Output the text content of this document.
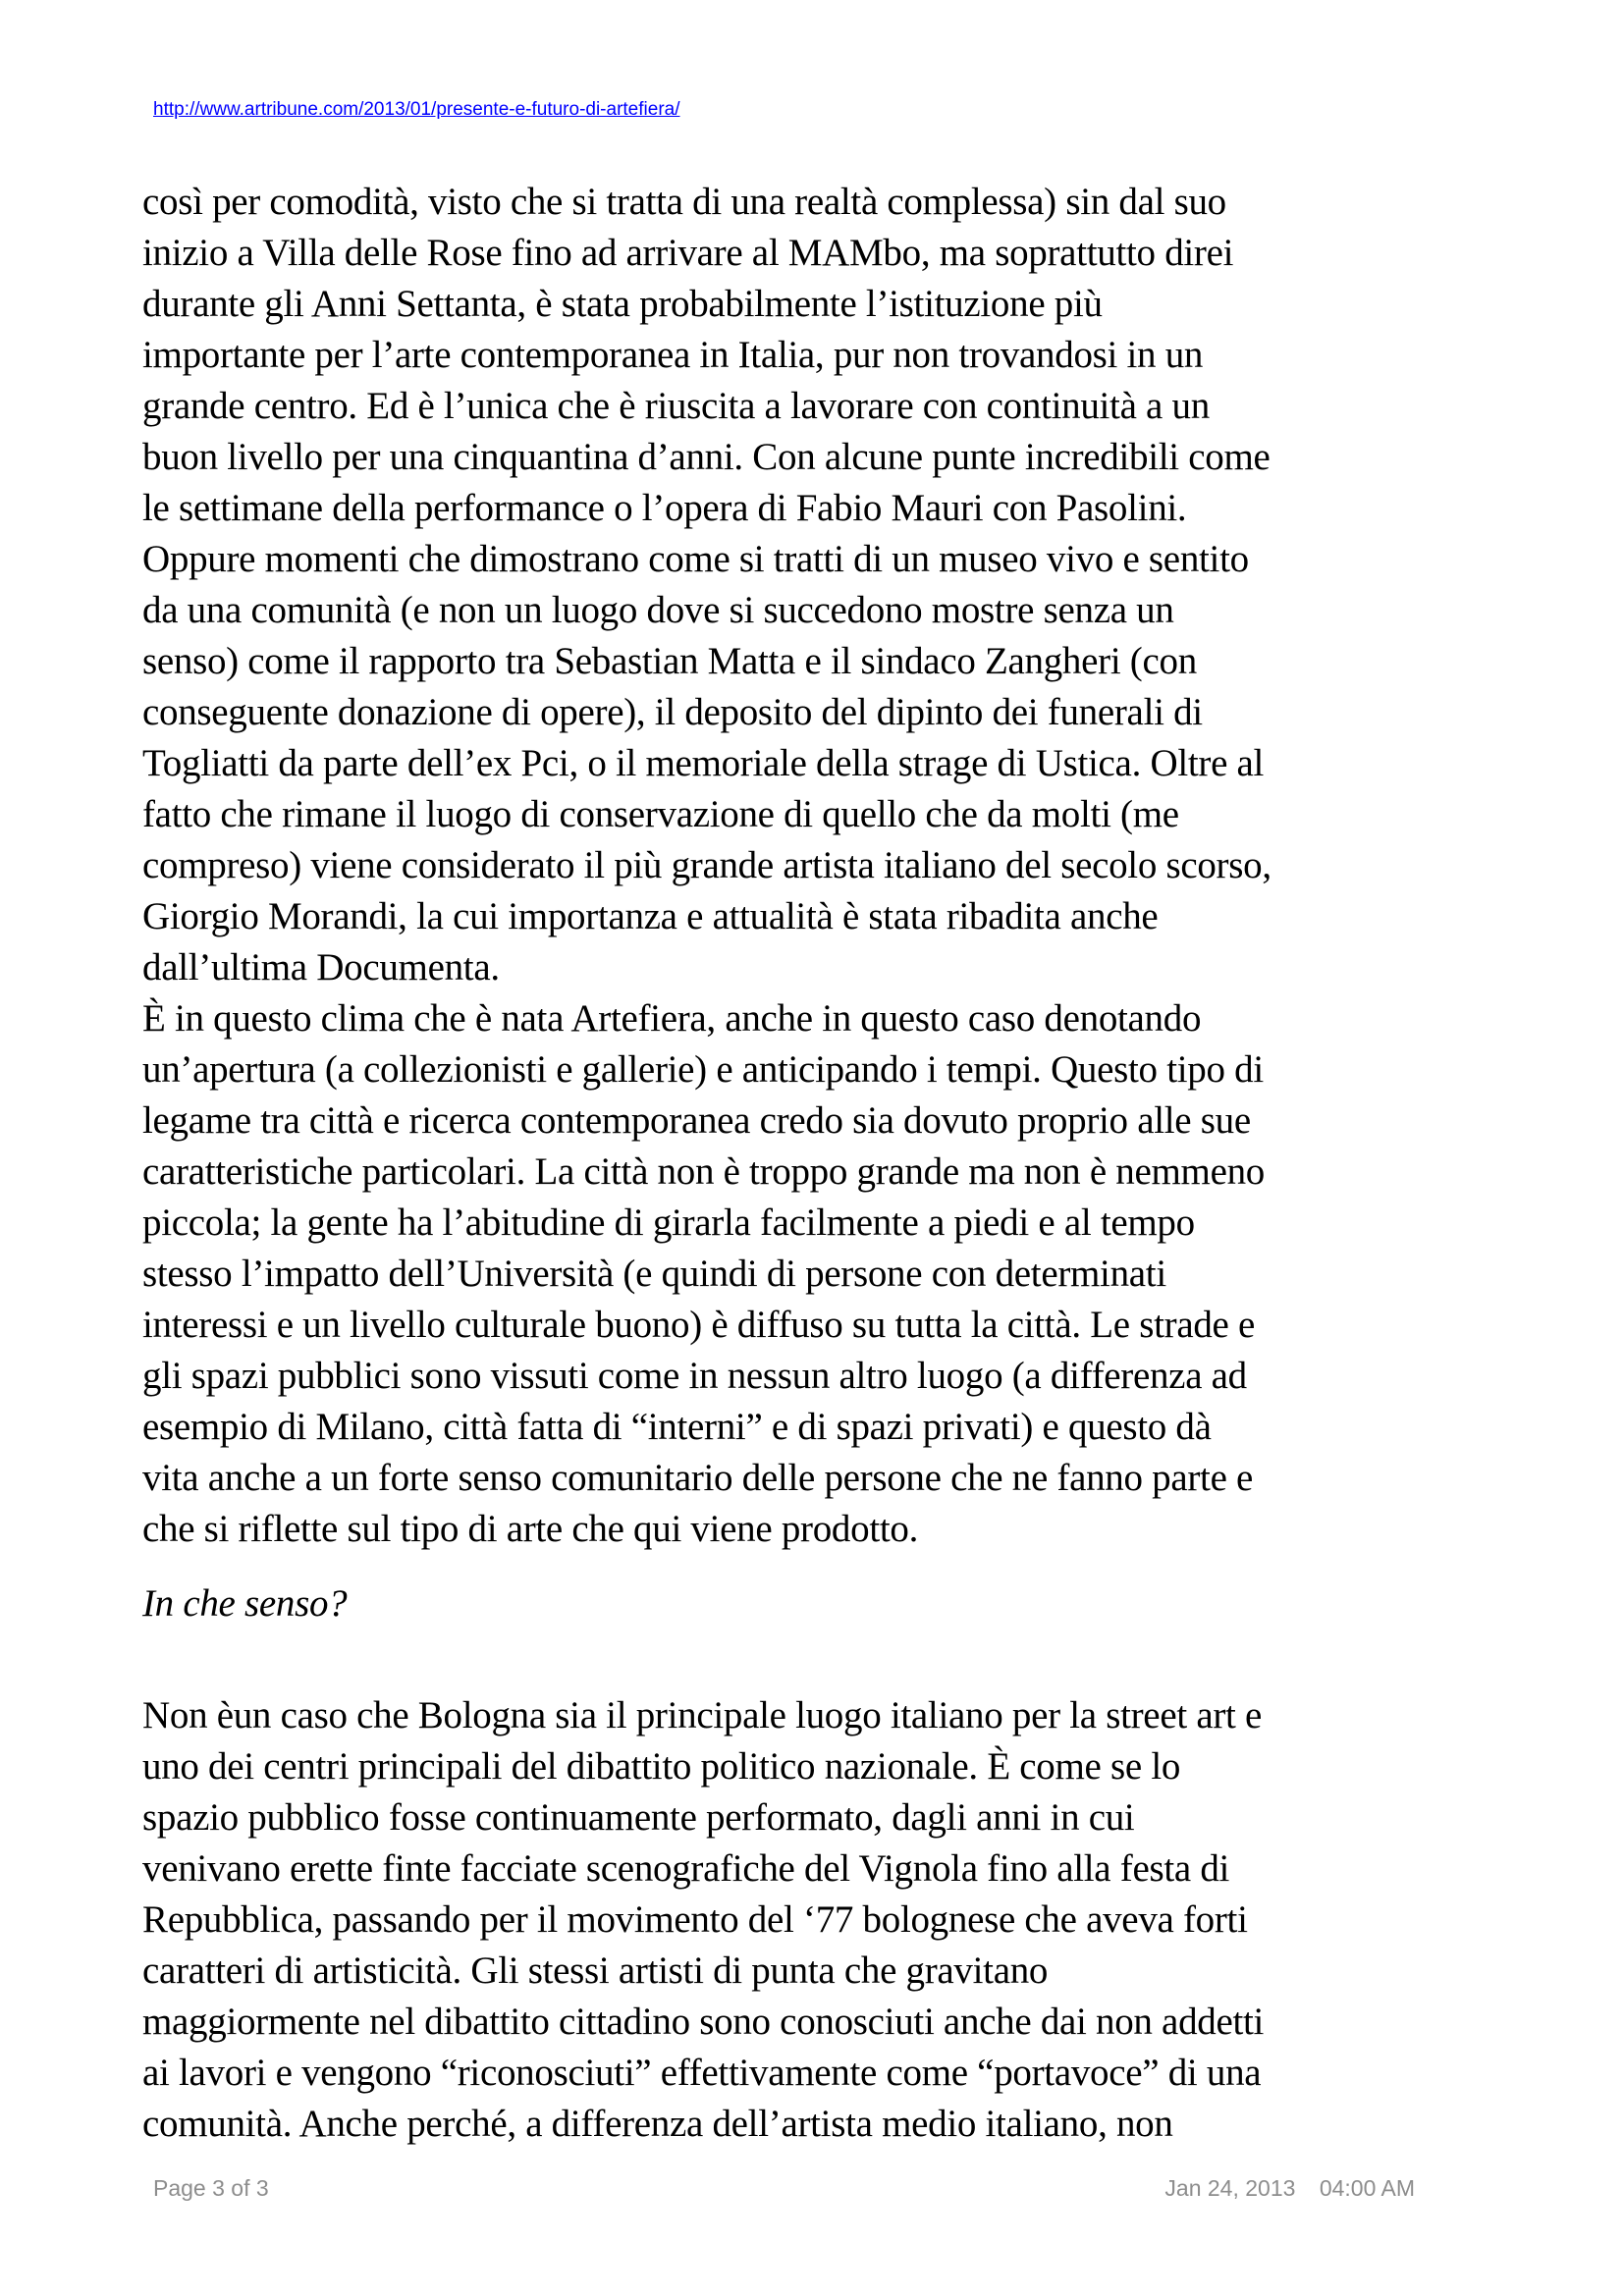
http://www.artribune.com/2013/01/presente-e-futuro-di-artefiera/
così per comodità, visto che si tratta di una realtà complessa) sin dal suo
inizio a Villa delle Rose fino ad arrivare al MAMbo, ma soprattutto direi
durante gli Anni Settanta, è stata probabilmente l’istituzione più
importante per l’arte contemporanea in Italia, pur non trovandosi in un
grande centro. Ed è l’unica che è riuscita a lavorare con continuità a un
buon livello per una cinquantina d’anni. Con alcune punte incredibili come
le settimane della performance o l’opera di Fabio Mauri con Pasolini.
Oppure momenti che dimostrano come si tratti di un museo vivo e sentito
da una comunità (e non un luogo dove si succedono mostre senza un
senso) come il rapporto tra Sebastian Matta e il sindaco Zangheri (con
conseguente donazione di opere), il deposito del dipinto dei funerali di
Togliatti da parte dell’ex Pci, o il memoriale della strage di Ustica. Oltre al
fatto che rimane il luogo di conservazione di quello che da molti (me
compreso) viene considerato il più grande artista italiano del secolo scorso,
Giorgio Morandi, la cui importanza e attualità è stata ribadita anche
dall’ultima Documenta.
È in questo clima che è nata Artefiera, anche in questo caso denotando
un’apertura (a collezionisti e gallerie) e anticipando i tempi. Questo tipo di
legame tra città e ricerca contemporanea credo sia dovuto proprio alle sue
caratteristiche particolari. La città non è troppo grande ma non è nemmeno
piccola; la gente ha l’abitudine di girarla facilmente a piedi e al tempo
stesso l’impatto dell’Università (e quindi di persone con determinati
interessi e un livello culturale buono) è diffuso su tutta la città. Le strade e
gli spazi pubblici sono vissuti come in nessun altro luogo (a differenza ad
esempio di Milano, città fatta di “interni” e di spazi privati) e questo dà
vita anche a un forte senso comunitario delle persone che ne fanno parte e
che si riflette sul tipo di arte che qui viene prodotto.
In che senso?
Non èun caso che Bologna sia il principale luogo italiano per la street art e
uno dei centri principali del dibattito politico nazionale. È come se lo
spazio pubblico fosse continuamente performato, dagli anni in cui
venivano erette finte facciate scenografiche del Vignola fino alla festa di
Repubblica, passando per il movimento del ‘77 bolognese che aveva forti
caratteri di artisticità. Gli stessi artisti di punta che gravitano
maggiormente nel dibattito cittadino sono conosciuti anche dai non addetti
ai lavori e vengono “riconosciuti” effettivamente come “portavoce” di una
comunità. Anche perché, a differenza dell’artista medio italiano, non
Page 3 of 3	Jan 24, 2013 04:00 AM
